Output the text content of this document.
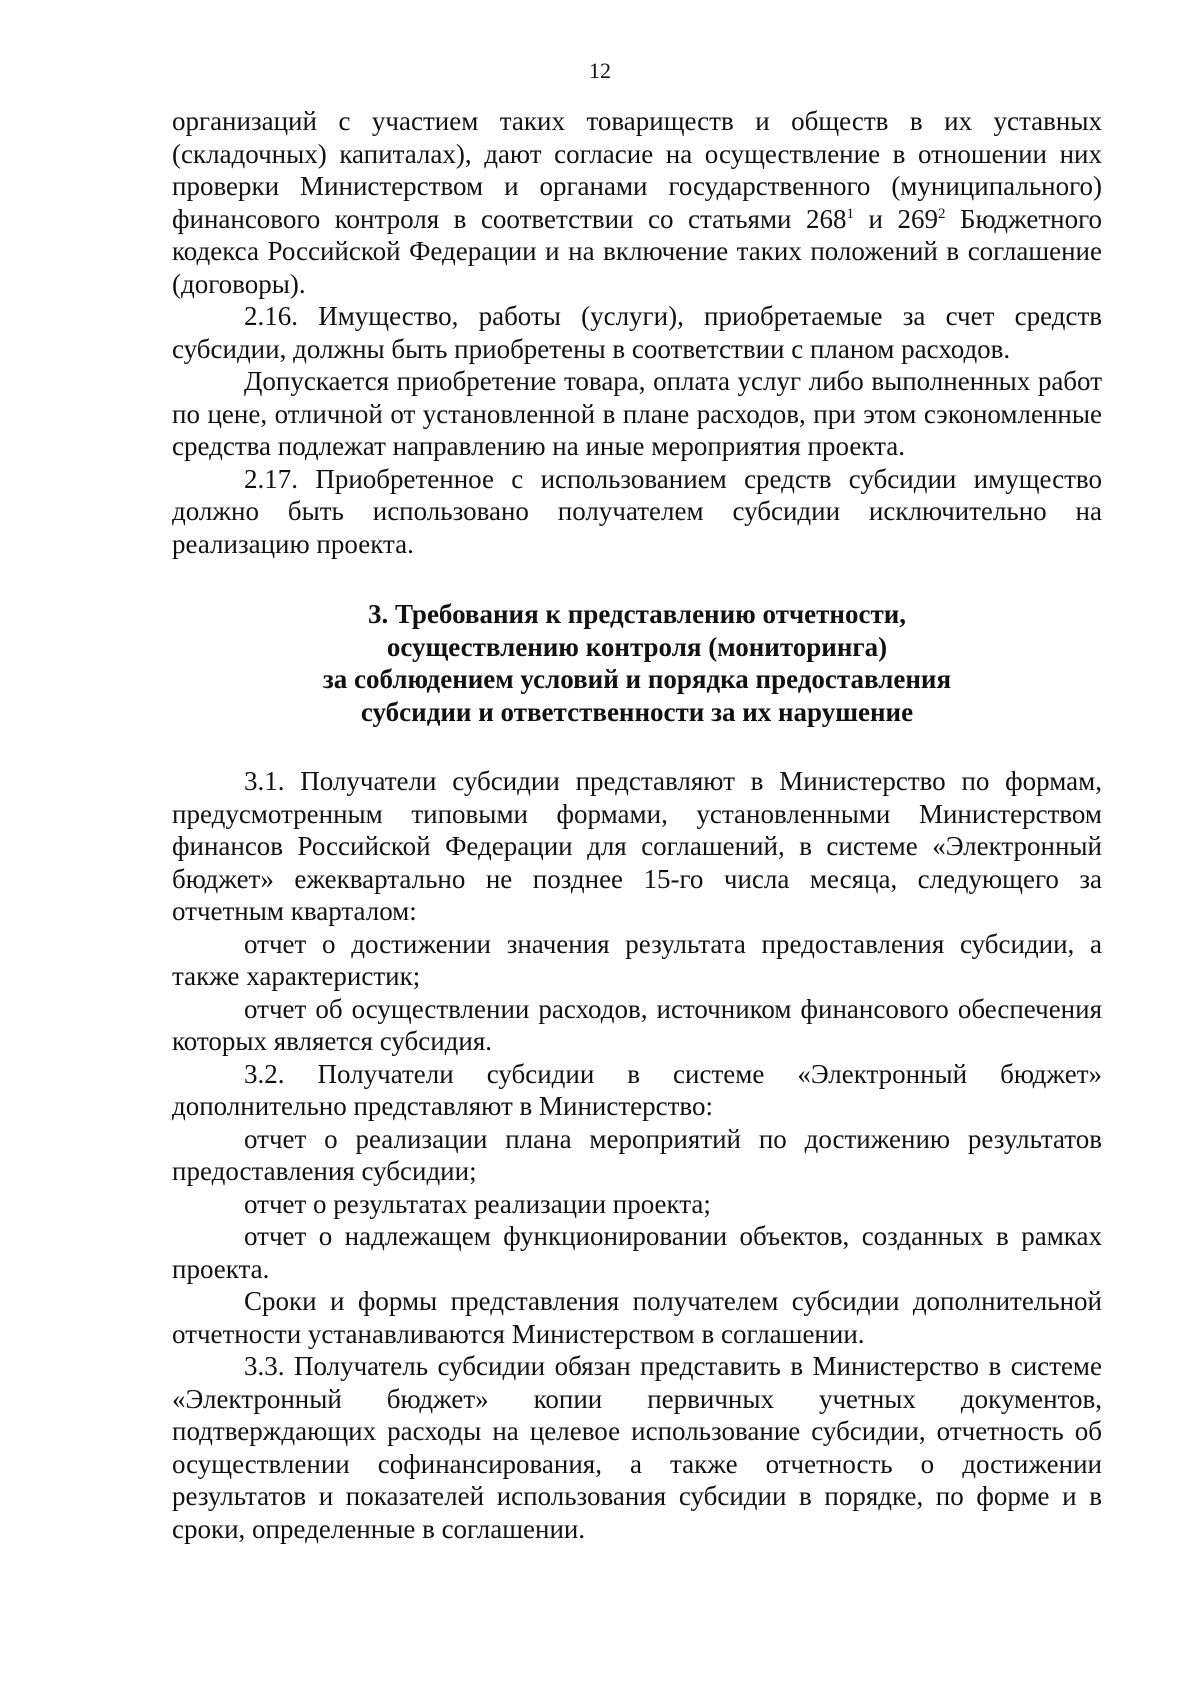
12

организаций с участием таких товариществ и обществ в их уставных (складочных) капиталах), дают согласие на осуществление в отношении них проверки Министерством и органами государственного (муниципального) финансового контроля в соответствии со статьями $268^1$ и $269^2$ Бюджетного кодекса Российской Федерации и на включение таких положений в соглашение (договоры).

2.16. Имущество, работы (услуги), приобретаемые за счет средств субсидии, должны быть приобретены в соответствии с планом расходов.

Допускается приобретение товара, оплата услуг либо выполненных работ по цене, отличной от установленной в плане расходов, при этом сэкономленные средства подлежат направлению на иные мероприятия проекта.

2.17. Приобретенное с использованием средств субсидии имущество должно быть использовано получателем субсидии исключительно на реализацию проекта.

3. Требования к представлению отчетности,
осуществлению контроля (мониторинга)
за соблюдением условий и порядка предоставления
субсидии и ответственности за их нарушение

3.1. Получатели субсидии представляют в Министерство по формам, предусмотренным типовыми формами, установленными Министерством финансов Российской Федерации для соглашений, в системе «Электронный бюджет» ежеквартально не позднее 15-го числа месяца, следующего за отчетным кварталом:

отчет о достижении значения результата предоставления субсидии, а также характеристик;

отчет об осуществлении расходов, источником финансового обеспечения которых является субсидия.

3.2. Получатели субсидии в системе «Электронный бюджет» дополнительно представляют в Министерство:

отчет о реализации плана мероприятий по достижению результатов предоставления субсидии;

отчет о результатах реализации проекта;

отчет о надлежащем функционировании объектов, созданных в рамках проекта.

Сроки и формы представления получателем субсидии дополнительной отчетности устанавливаются Министерством в соглашении.

3.3. Получатель субсидии обязан представить в Министерство в системе «Электронный бюджет» копии первичных учетных документов, подтверждающих расходы на целевое использование субсидии, отчетность об осуществлении софинансирования, а также отчетность о достижении результатов и показателей использования субсидии в порядке, по форме и в сроки, определенные в соглашении.
